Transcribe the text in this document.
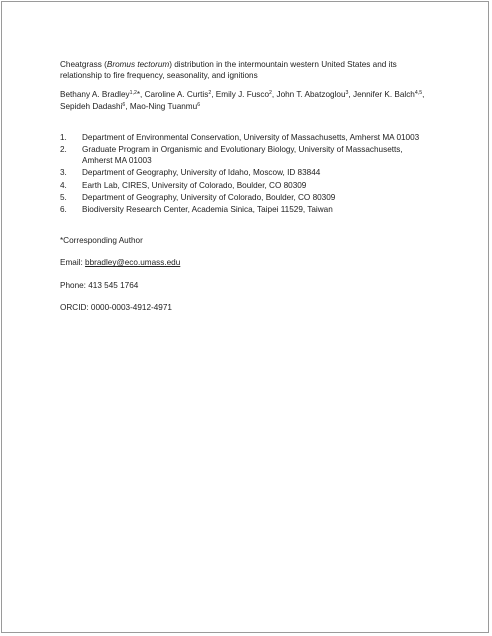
Cheatgrass (Bromus tectorum) distribution in the intermountain western United States and its relationship to fire frequency, seasonality, and ignitions

Bethany A. Bradley$^{1,2}$*, Caroline A. Curtis$^2$, Emily J. Fusco$^2$, John T. Abatzoglou$^3$, Jennifer K. Balch$^{4,5}$, Sepideh Dadashi$^6$, Mao-Ning Tuanmu$^6$

1. Department of Environmental Conservation, University of Massachusetts, Amherst MA 01003
2. Graduate Program in Organismic and Evolutionary Biology, University of Massachusetts, Amherst MA 01003
3. Department of Geography, University of Idaho, Moscow, ID 83844
4. Earth Lab, CIRES, University of Colorado, Boulder, CO 80309
5. Department of Geography, University of Colorado, Boulder, CO 80309
6. Biodiversity Research Center, Academia Sinica, Taipei 11529, Taiwan

*Corresponding Author

Email: bbradley@eco.umass.edu

Phone: 413 545 1764

ORCID: 0000-0003-4912-4971
